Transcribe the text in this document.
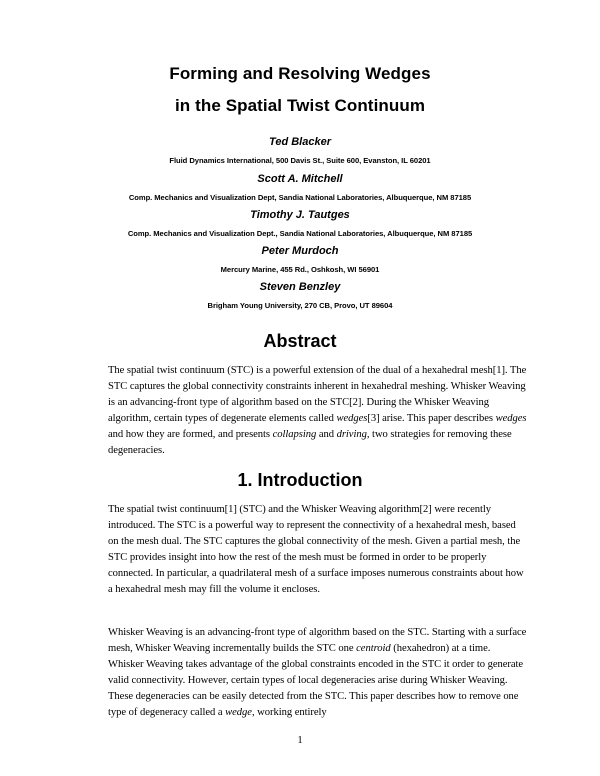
Forming and Resolving Wedges
in the Spatial Twist Continuum
Ted Blacker
Fluid Dynamics International, 500 Davis St., Suite 600, Evanston, IL 60201
Scott A. Mitchell
Comp. Mechanics and Visualization Dept, Sandia National Laboratories, Albuquerque, NM 87185
Timothy J. Tautges
Comp. Mechanics and Visualization Dept., Sandia National Laboratories, Albuquerque, NM 87185
Peter Murdoch
Mercury Marine, 455 Rd., Oshkosh, WI 56901
Steven Benzley
Brigham Young University, 270 CB, Provo, UT 89604
Abstract
The spatial twist continuum (STC) is a powerful extension of the dual of a hexahedral mesh[1]. The STC captures the global connectivity constraints inherent in hexahedral meshing. Whisker Weaving is an advancing-front type of algorithm based on the STC[2]. During the Whisker Weaving algorithm, certain types of degenerate elements called wedges[3] arise. This paper describes wedges and how they are formed, and presents collapsing and driving, two strategies for removing these degeneracies.
1. Introduction
The spatial twist continuum[1] (STC) and the Whisker Weaving algorithm[2] were recently introduced. The STC is a powerful way to represent the connectivity of a hexahedral mesh, based on the mesh dual. The STC captures the global connectivity of the mesh. Given a partial mesh, the STC provides insight into how the rest of the mesh must be formed in order to be properly connected. In particular, a quadrilateral mesh of a surface imposes numerous constraints about how a hexahedral mesh may fill the volume it encloses.
Whisker Weaving is an advancing-front type of algorithm based on the STC. Starting with a surface mesh, Whisker Weaving incrementally builds the STC one centroid (hexahedron) at a time. Whisker Weaving takes advantage of the global constraints encoded in the STC it order to generate valid connectivity. However, certain types of local degeneracies arise during Whisker Weaving. These degeneracies can be easily detected from the STC. This paper describes how to remove one type of degeneracy called a wedge, working entirely
1
